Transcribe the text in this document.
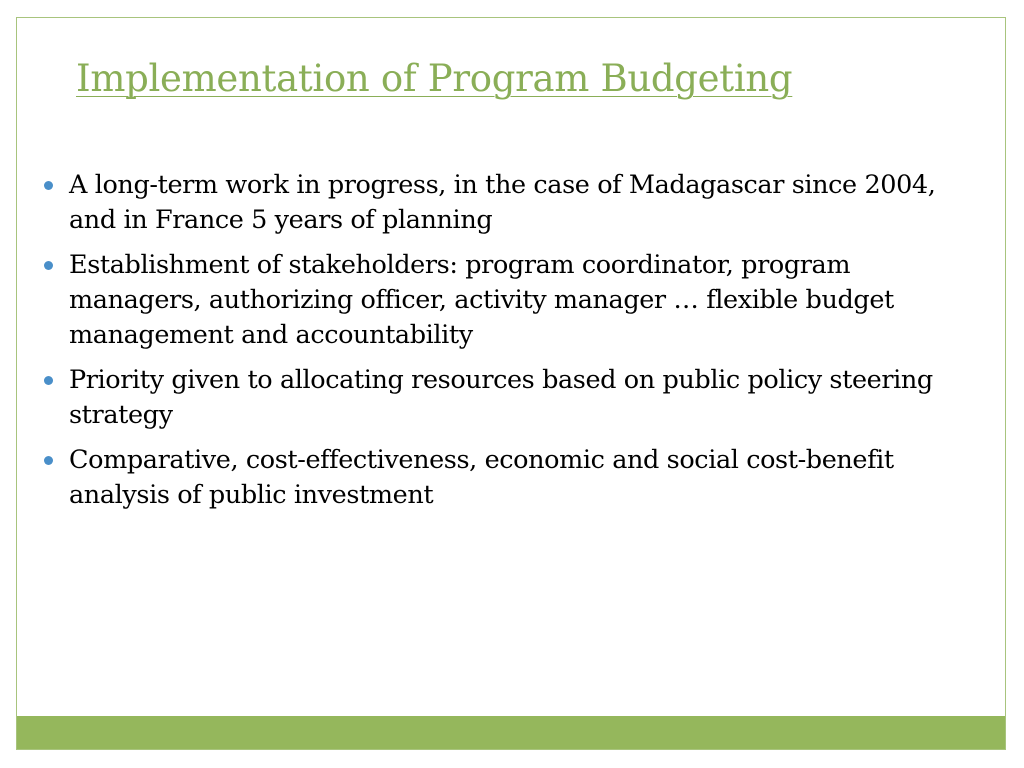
Implementation of Program Budgeting
A long-term work in progress, in the case of Madagascar since 2004, and in France 5 years of planning
Establishment of stakeholders: program coordinator, program managers, authorizing officer, activity manager … flexible budget management and accountability
Priority given to allocating resources based on public policy steering strategy
Comparative, cost-effectiveness, economic and social cost-benefit analysis of public investment
